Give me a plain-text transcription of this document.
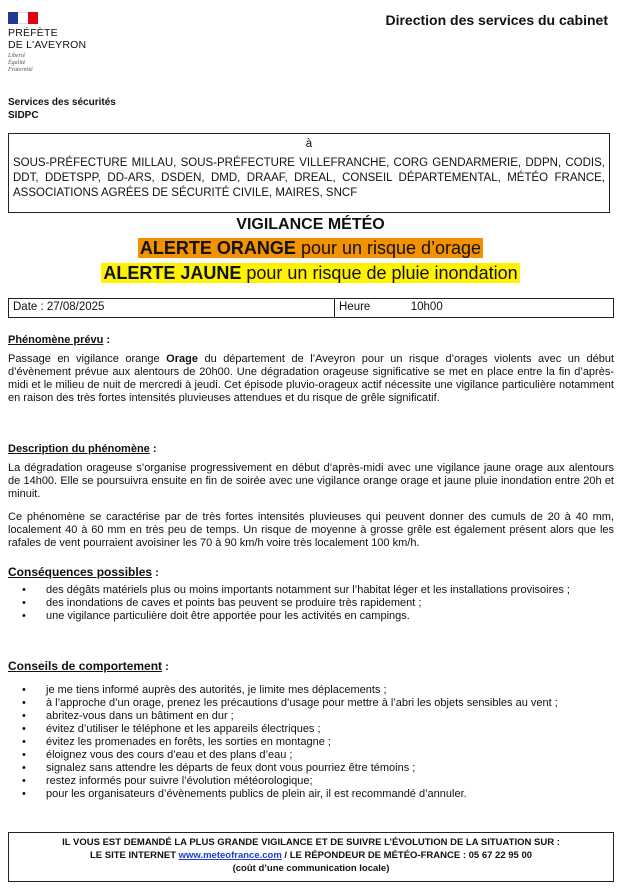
PRÉFÈTE
DE L'AVEYRON
Liberté
Égalité
Fraternité
Direction des services du cabinet
Services des sécurités
SIDPC
à
SOUS-PRÉFECTURE MILLAU, SOUS-PRÉFECTURE VILLEFRANCHE, CORG GENDARMERIE, DDPN, CODIS, DDT, DDETSPP, DD-ARS, DSDEN, DMD, DRAAF, DREAL, CONSEIL DÉPARTEMENTAL, MÉTÉO FRANCE, ASSOCIATIONS AGRÉES DE SÉCURITÉ CIVILE, MAIRES, SNCF
VIGILANCE MÉTÉO
ALERTE ORANGE pour un risque d’orage
ALERTE JAUNE pour un risque de pluie inondation
Date : 27/08/2025	Heure	10h00
Phénomène prévu :

Passage en vigilance orange Orage du département de l’Aveyron pour un risque d’orages violents avec un début d’évènement prévue aux alentours de 20h00. Une dégradation orageuse significative se met en place entre la fin d’après-midi et le milieu de nuit de mercredi à jeudi. Cet épisode pluvio-orageux actif nécessite une vigilance particulière notamment en raison des très fortes intensités pluvieuses attendues et du risque de grêle significatif.

Description du phénomène :

La dégradation orageuse s’organise progressivement en début d’après-midi avec une vigilance jaune orage aux alentours de 14h00. Elle se poursuivra ensuite en fin de soirée avec une vigilance orange orage et jaune pluie inondation entre 20h et minuit.

Ce phénomène se caractérise par de très fortes intensités pluvieuses qui peuvent donner des cumuls de 20 à 40 mm, localement 40 à 60 mm en très peu de temps. Un risque de moyenne à grosse grêle est également présent alors que les rafales de vent pourraient avoisiner les 70 à 90 km/h voire très localement 100 km/h.

Conséquences possibles :
• des dégâts matériels plus ou moins importants notamment sur l’habitat léger et les installations provisoires ;
• des inondations de caves et points bas peuvent se produire très rapidement ;
• une vigilance particulière doit être apportée pour les activités en campings.
Conseils de comportement :
• je me tiens informé auprès des autorités, je limite mes déplacements ;
• à l’approche d’un orage, prenez les précautions d’usage pour mettre à l’abri les objets sensibles au vent ;
• abritez-vous dans un bâtiment en dur ;
• évitez d’utiliser le téléphone et les appareils électriques ;
• évitez les promenades en forêts, les sorties en montagne ;
• éloignez vous des cours d’eau et des plans d’eau ;
• signalez sans attendre les départs de feux dont vous pourriez être témoins ;
• restez informés pour suivre l’évolution météorologique;
• pour les organisateurs d’évènements publics de plein air, il est recommandé d’annuler.
IL VOUS EST DEMANDÉ LA PLUS GRANDE VIGILANCE ET DE SUIVRE L’ÉVOLUTION DE LA SITUATION SUR :
LE SITE INTERNET www.meteofrance.com / LE RÉPONDEUR DE MÉTÉO-FRANCE : 05 67 22 95 00
(coût d’une communication locale)
